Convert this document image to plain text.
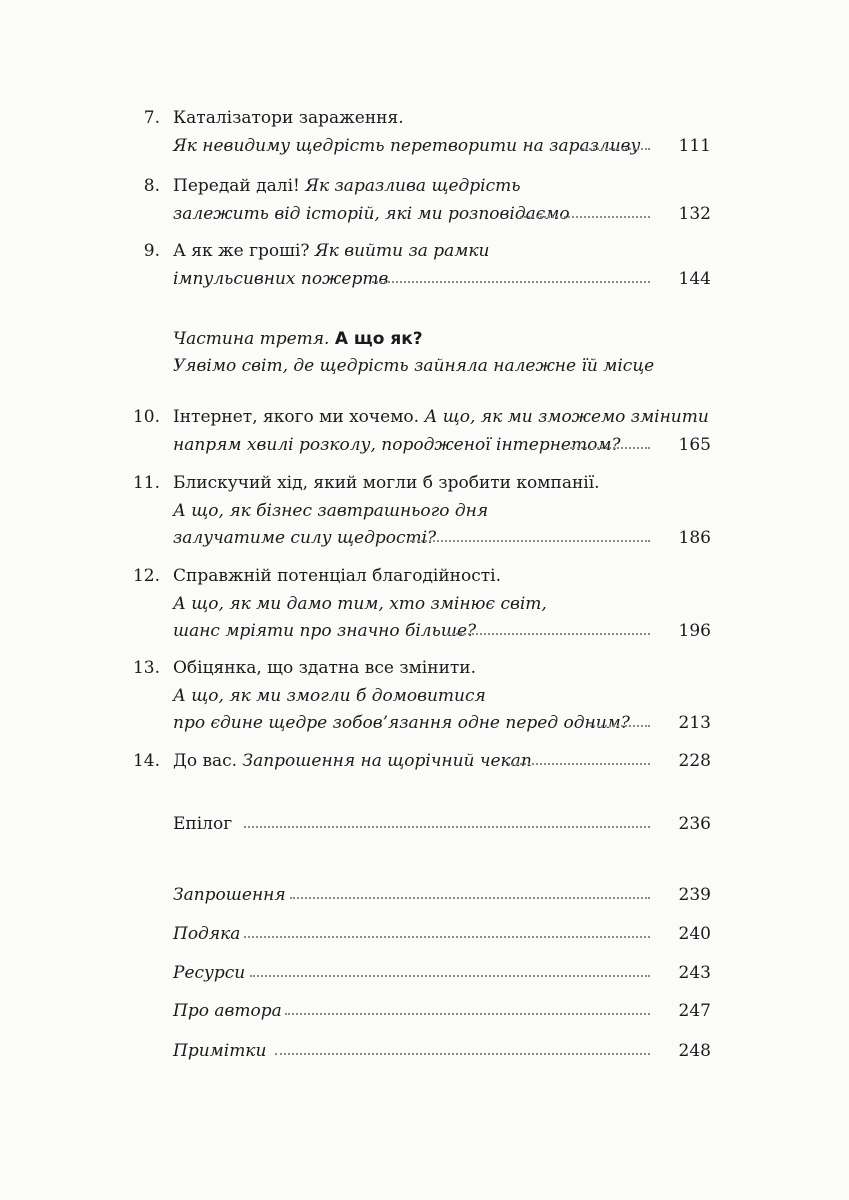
7. Каталізатори зараження.
Як невидиму щедрість перетворити на заразливу 111
8. Передай далі! Як заразлива щедрість
залежить від історій, які ми розповідаємо	132
9. А як же гроші? Як вийти за рамки
імпульсивних пожертв	144
Частина третя. А що як?
Уявімо світ, де щедрість зайняла належне їй місце
10. Інтернет, якого ми хочемо. А що, як ми зможемо змінити
напрям хвилі розколу, породженої інтернетом?	165
11. Блискучий хід, який могли б зробити компанії.
А що, як бізнес завтрашнього дня
залучатиме силу щедрості?	186
12. Справжній потенціал благодійності.
А що, як ми дамо тим, хто змінює світ,
шанс мріяти про значно більше?	196
13. Обіцянка, що здатна все змінити.
А що, як ми змогли б домовитися
про єдине щедре зобов’язання одне перед одним?	213
14. До вас. Запрошення на щорічний чекап	228
Епілог	236
Запрошення	239
Подяка	240
Ресурси	243
Про автора	247
Примітки	248
